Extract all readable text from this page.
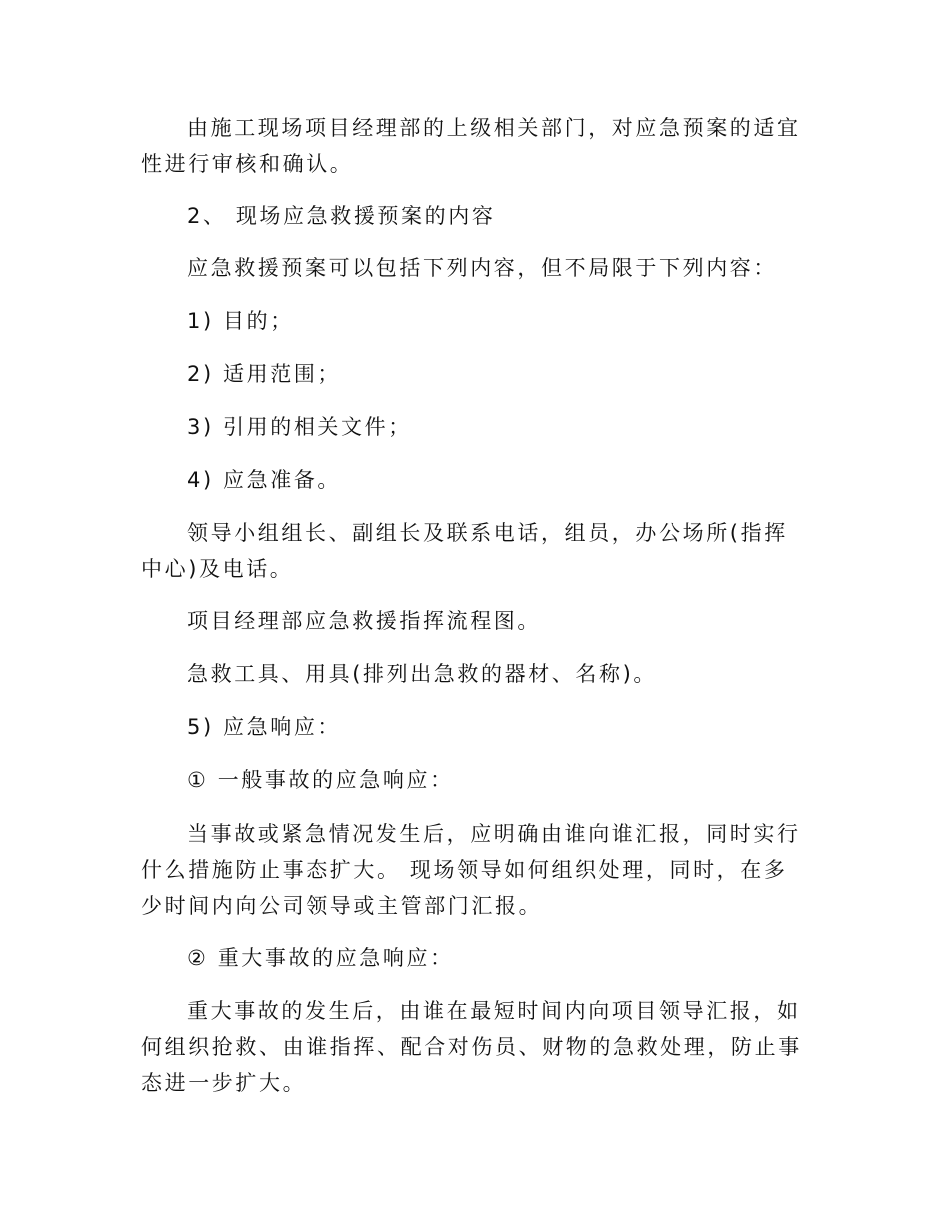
由施工现场项目经理部的上级相关部门，对应急预案的适宜性进行审核和确认。

2、 现场应急救援预案的内容

应急救援预案可以包括下列内容，但不局限于下列内容：

1) 目的；

2) 适用范围；

3) 引用的相关文件；

4) 应急准备。

领导小组组长、副组长及联系电话，组员，办公场所(指挥中心)及电话。

项目经理部应急救援指挥流程图。

急救工具、用具(排列出急救的器材、名称)。

5) 应急响应：

① 一般事故的应急响应：

当事故或紧急情况发生后，应明确由谁向谁汇报，同时实行什么措施防止事态扩大。 现场领导如何组织处理，同时，在多少时间内向公司领导或主管部门汇报。

② 重大事故的应急响应：

重大事故的发生后，由谁在最短时间内向项目领导汇报，如何组织抢救、由谁指挥、配合对伤员、财物的急救处理，防止事态进一步扩大。
